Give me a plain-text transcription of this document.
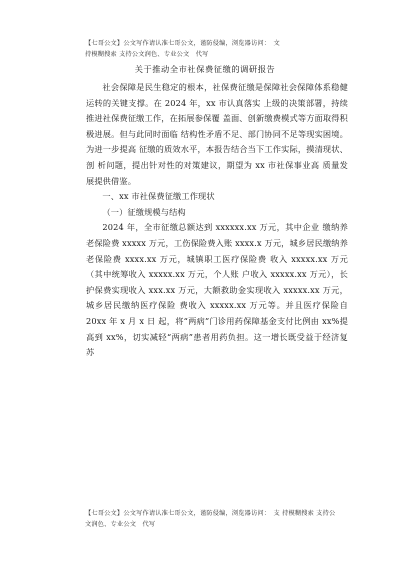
【七哥公文】公文写作请认准七哥公文，谨防侵编，浏览器访问：　文
持模糊搜索 支持公文润色、专业公文　代写
关于推动全市社保费征缴的调研报告

社会保障是民生稳定的根本，社保费征缴是保障社会保障体系稳健运转的关键支撑。在 2024 年，xx 市认真落实 上级的决策部署，持续推进社保费征缴工作，在拓展参保覆 盖面、创新缴费模式等方面取得积极进展。但与此同时面临 结构性矛盾不足、部门协同不足等现实困境。为进一步提高 征缴的质效水平，本报告结合当下工作实际，摸清现状、剖 析问题，提出针对性的对策建议，期望为 xx 市社保事业高 质量发展提供借鉴。

一、xx 市社保费征缴工作现状

（一）征缴规模与结构

2024 年，全市征缴总额达到 xxxxxx.xx 万元，其中企业 缴纳养老保险费 xxxxx 万元，工伤保险费入账 xxxx.x 万元，城乡居民缴纳养老保险费 xxxx.xx 万元，城镇职工医疗保险费 收入 xxxxx.xx 万元（其中统筹收入 xxxxx.xx 万元，个人账 户收入 xxxxx.xx 万元），长护保费实现收入 xxx.xx 万元，大额救助金实现收入 xxxxx.xx 万元，城乡居民缴纳医疗保险 费收入 xxxxx.xx 万元等。并且医疗保险自 20xx 年 x 月 x 日 起，将“两病”门诊用药保障基金支付比例由 xx%提高到 xx%，切实减轻“两病”患者用药负担。这一增长既受益于经济复苏

【七哥公文】公文写作请认准七哥公文，谨防侵编，浏览器访问：　支 持模糊搜索 支持公
文润色、专业公文　代写
